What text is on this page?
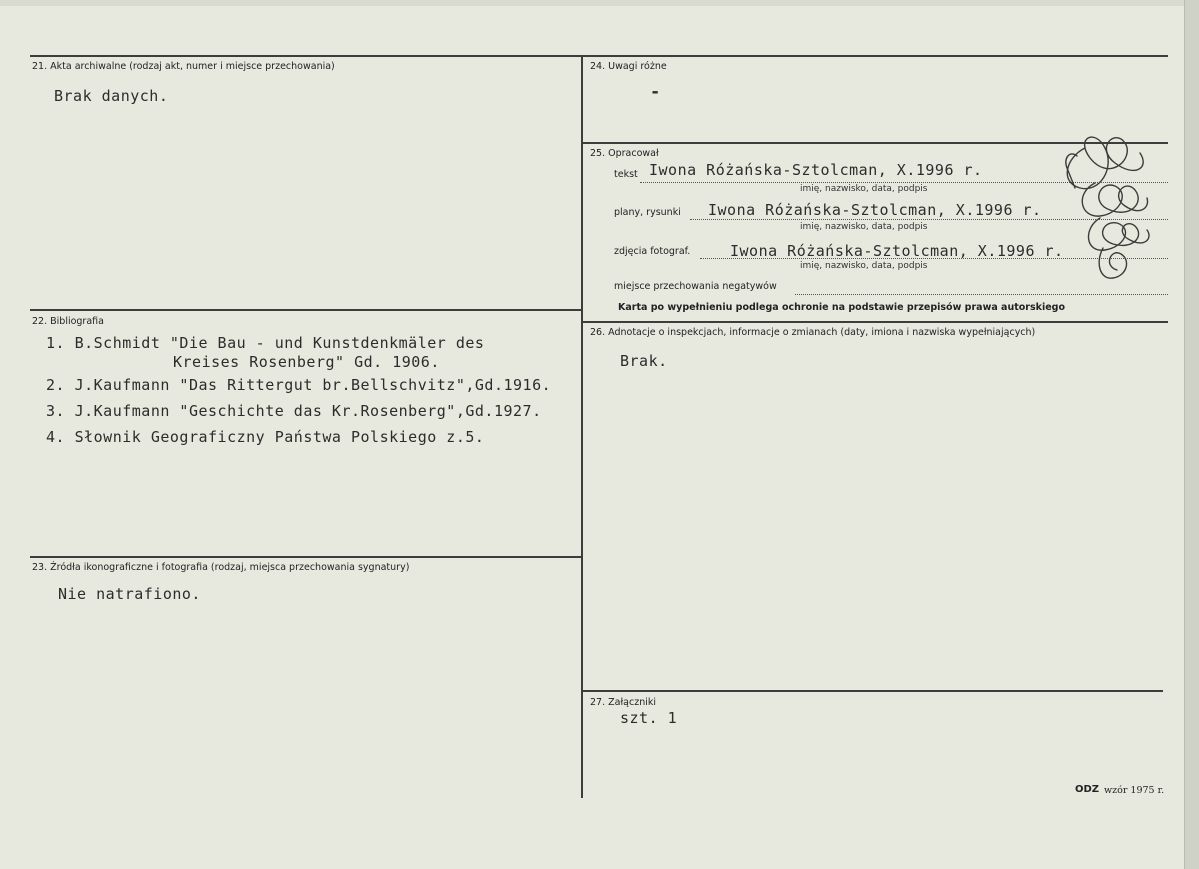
21. Akta archiwalne (rodzaj akt, numer i miejsce przechowania)
Brak danych.
22. Bibliografia
1. B.Schmidt "Die Bau - und Kunstdenkmäler des
Kreises Rosenberg" Gd. 1906.
2. J.Kaufmann "Das Rittergut br.Bellschvitz",Gd.1916.
3. J.Kaufmann "Geschichte das Kr.Rosenberg",Gd.1927.
4. Słownik Geograficzny Państwa Polskiego z.5.
23. Źródła ikonograficzne i fotografia (rodzaj, miejsca przechowania sygnatury)
Nie natrafiono.
24. Uwagi różne
-
25. Opracował
tekst Iwona Różańska-Sztolcman, X.1996 r.
imię, nazwisko, data, podpis
plany, rysunki Iwona Różańska-Sztolcman, X.1996 r.
imię, nazwisko, data, podpis
zdjęcia fotograf.	Iwona Różańska-Sztolcman, X.1996 r.
imię, nazwisko, data, podpis
miejsce przechowania negatywów
Karta po wypełnieniu podlega ochronie na podstawie przepisów prawa autorskiego
26. Adnotacje o inspekcjach, informacje o zmianach (daty, imiona i nazwiska wypełniających)
Brak.
27. Załączniki
szt. 1
ODZ wzór 1975 r.
